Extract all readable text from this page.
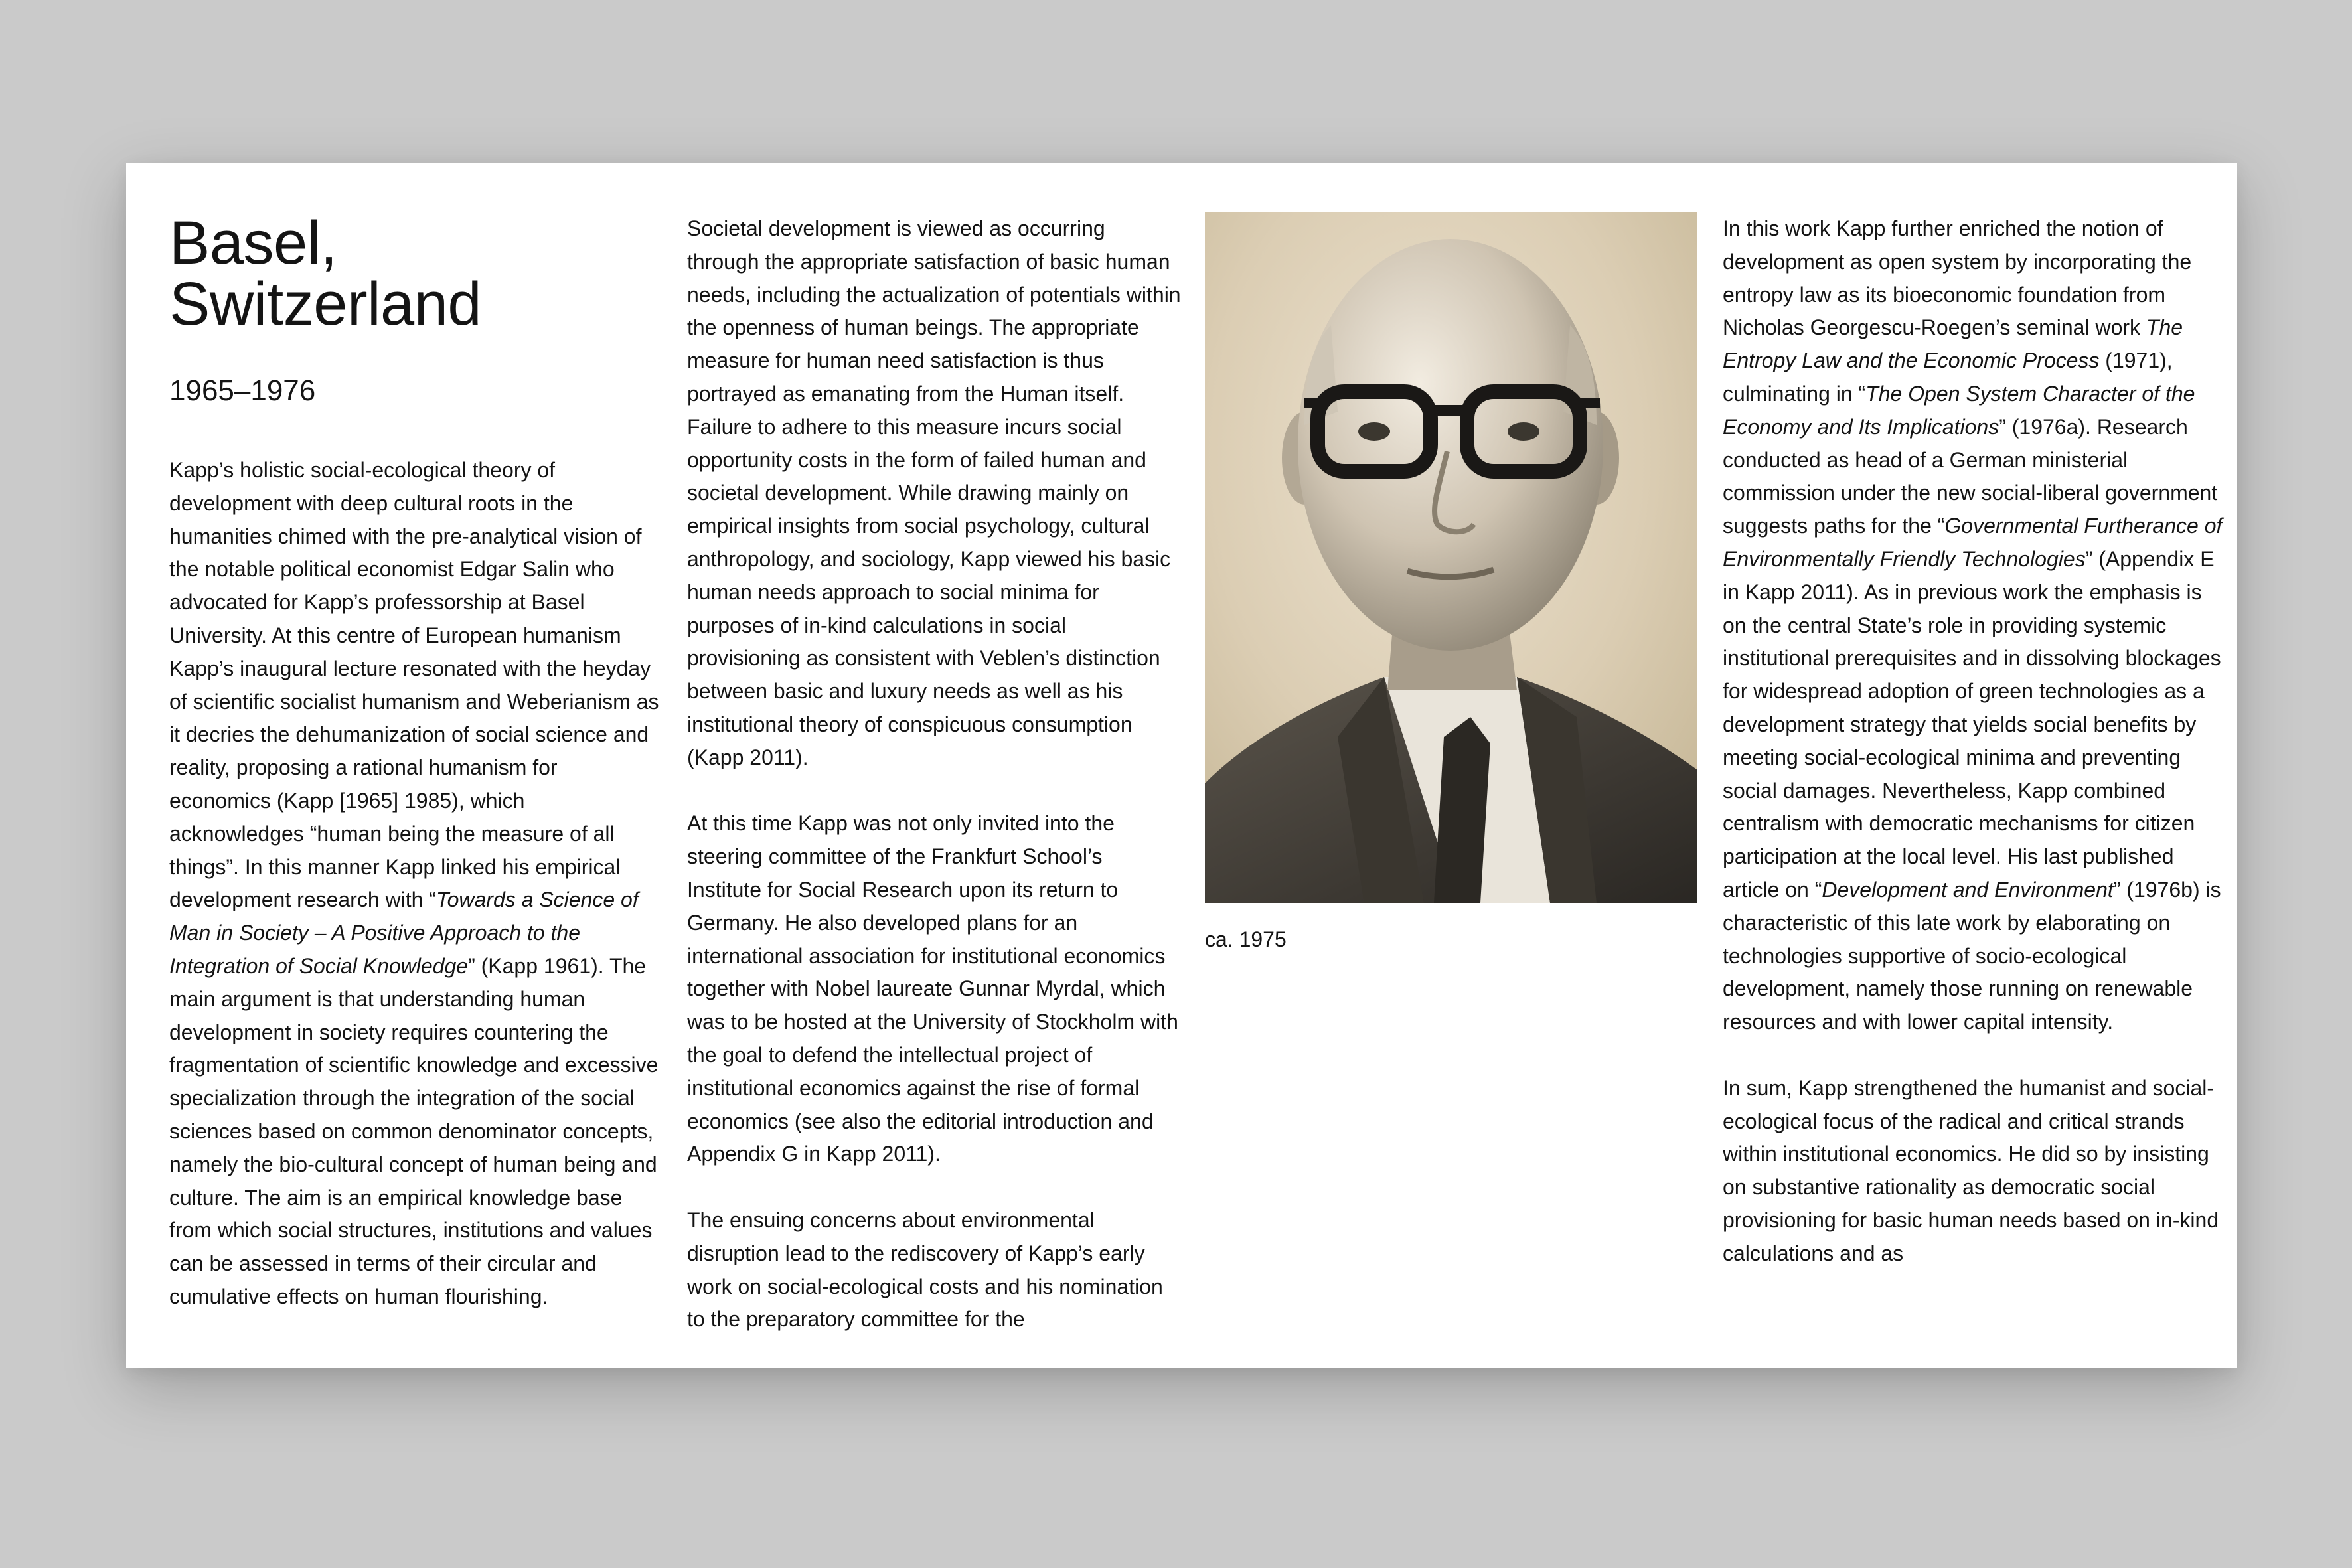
Basel,
Switzerland
1965–1976

Kapp’s holistic social-ecological theory of development with deep cultural roots in the humanities chimed with the pre-analytical vision of the notable political economist Edgar Salin who advocated for Kapp’s professorship at Basel University. At this centre of European humanism Kapp’s inaugural lecture resonated with the heyday of scientific socialist humanism and Weberianism as it decries the dehumanization of social science and reality, proposing a rational humanism for economics (Kapp [1965] 1985), which acknowledges “human being the measure of all things”. In this manner Kapp linked his empirical development research with “Towards a Science of Man in Society – A Positive Approach to the Integration of Social Knowledge” (Kapp 1961). The main argument is that understanding human development in society requires countering the fragmentation of scientific knowledge and excessive specialization through the integration of the social sciences based on common denominator concepts, namely the bio-cultural concept of human being and culture. The aim is an empirical knowledge base from which social structures, institutions and values can be assessed in terms of their circular and cumulative effects on human flourishing.

Societal development is viewed as occurring through the appropriate satisfaction of basic human needs, including the actualization of potentials within the openness of human beings. The appropriate measure for human need satisfaction is thus portrayed as emanating from the Human itself. Failure to adhere to this measure incurs social opportunity costs in the form of failed human and societal development. While drawing mainly on empirical insights from social psychology, cultural anthropology, and sociology, Kapp viewed his basic human needs approach to social minima for purposes of in-kind calculations in social provisioning as consistent with Veblen’s distinction between basic and luxury needs as well as his institutional theory of conspicuous consumption (Kapp 2011).

At this time Kapp was not only invited into the steering committee of the Frankfurt School’s Institute for Social Research upon its return to Germany. He also developed plans for an international association for institutional economics together with Nobel laureate Gunnar Myrdal, which was to be hosted at the University of Stockholm with the goal to defend the intellectual project of institutional economics against the rise of formal economics (see also the editorial introduction and Appendix G in Kapp 2011).

The ensuing concerns about environmental disruption lead to the rediscovery of Kapp’s early work on social-ecological costs and his nomination to the preparatory committee for the

ca. 1975

In this work Kapp further enriched the notion of development as open system by incorporating the entropy law as its bioeconomic foundation from Nicholas Georgescu-Roegen’s seminal work The Entropy Law and the Economic Process (1971), culminating in “The Open System Character of the Economy and Its Implications” (1976a). Research conducted as head of a German ministerial commission under the new social-liberal government suggests paths for the “Governmental Furtherance of Environmentally Friendly Technologies” (Appendix E in Kapp 2011). As in previous work the emphasis is on the central State’s role in providing systemic institutional prerequisites and in dissolving blockages for widespread adoption of green technologies as a development strategy that yields social benefits by meeting social-ecological minima and preventing social damages. Nevertheless, Kapp combined centralism with democratic mechanisms for citizen participation at the local level. His last published article on “Development and Environment” (1976b) is characteristic of this late work by elaborating on technologies supportive of socio-ecological development, namely those running on renewable resources and with lower capital intensity.

In sum, Kapp strengthened the humanist and social-ecological focus of the radical and critical strands within institutional economics. He did so by insisting on substantive rationality as democratic social provisioning for basic human needs based on in-kind calculations and as
